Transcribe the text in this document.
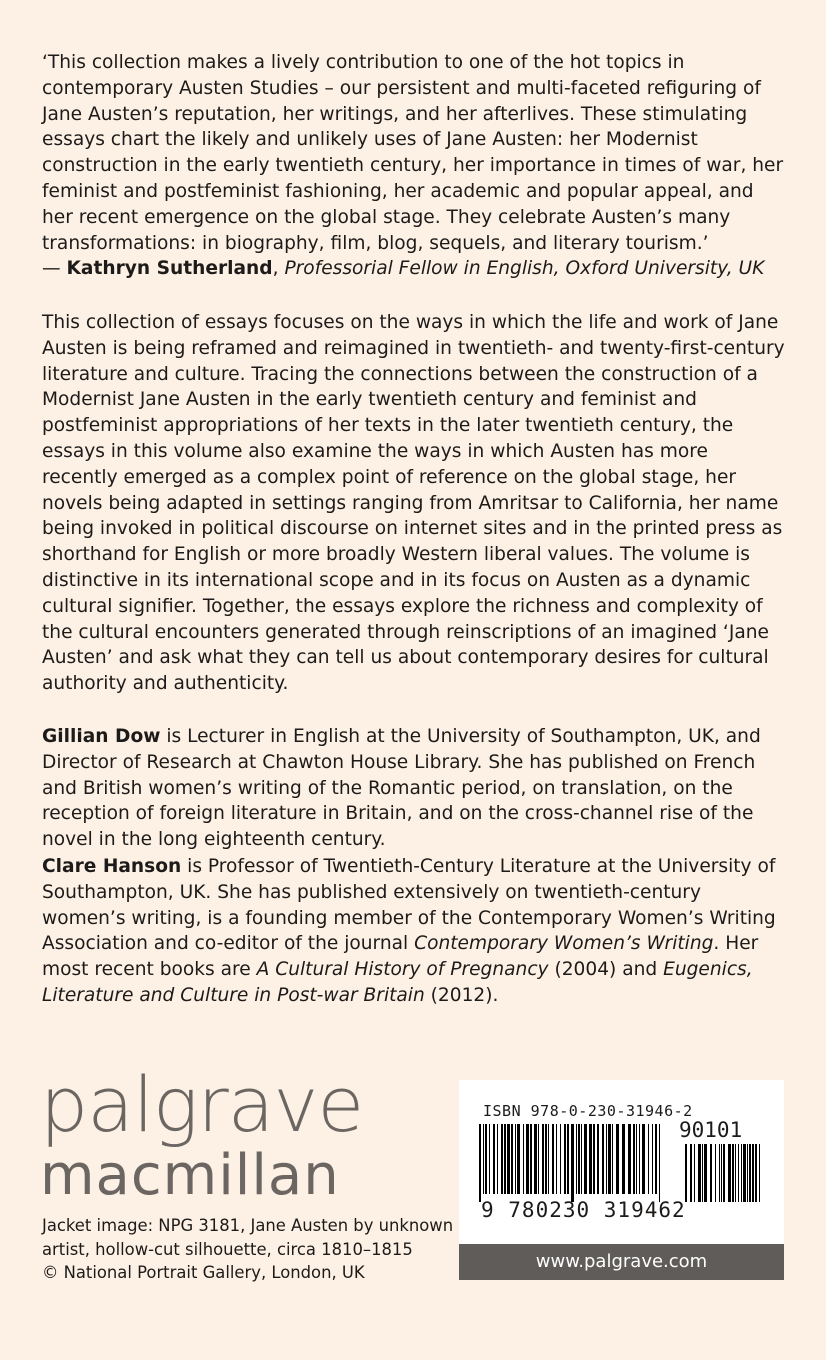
‘This collection makes a lively contribution to one of the hot topics in contemporary Austen Studies – our persistent and multi-faceted refiguring of Jane Austen’s reputation, her writings, and her afterlives. These stimulating essays chart the likely and unlikely uses of Jane Austen: her Modernist construction in the early twentieth century, her importance in times of war, her feminist and postfeminist fashioning, her academic and popular appeal, and her recent emergence on the global stage. They celebrate Austen’s many transformations: in biography, film, blog, sequels, and literary tourism.’
— Kathryn Sutherland, Professorial Fellow in English, Oxford University, UK

This collection of essays focuses on the ways in which the life and work of Jane Austen is being reframed and reimagined in twentieth- and twenty-first-century literature and culture. Tracing the connections between the construction of a Modernist Jane Austen in the early twentieth century and feminist and postfeminist appropriations of her texts in the later twentieth century, the essays in this volume also examine the ways in which Austen has more recently emerged as a complex point of reference on the global stage, her novels being adapted in settings ranging from Amritsar to California, her name being invoked in political discourse on internet sites and in the printed press as shorthand for English or more broadly Western liberal values. The volume is distinctive in its international scope and in its focus on Austen as a dynamic cultural signifier. Together, the essays explore the richness and complexity of the cultural encounters generated through reinscriptions of an imagined ‘Jane Austen’ and ask what they can tell us about contemporary desires for cultural authority and authenticity.

Gillian Dow is Lecturer in English at the University of Southampton, UK, and Director of Research at Chawton House Library. She has published on French and British women’s writing of the Romantic period, on translation, on the reception of foreign literature in Britain, and on the cross-channel rise of the novel in the long eighteenth century.

Clare Hanson is Professor of Twentieth-Century Literature at the University of Southampton, UK. She has published extensively on twentieth-century women’s writing, is a founding member of the Contemporary Women’s Writing Association and co-editor of the journal Contemporary Women’s Writing. Her most recent books are A Cultural History of Pregnancy (2004) and Eugenics, Literature and Culture in Post-war Britain (2012).

palgrave
macmillan
Jacket image: NPG 3181, Jane Austen by unknown
artist, hollow-cut silhouette, circa 1810–1815
© National Portrait Gallery, London, UK
ISBN 978-0-230-31946-2
90101
9 780230 319462
www.palgrave.com
